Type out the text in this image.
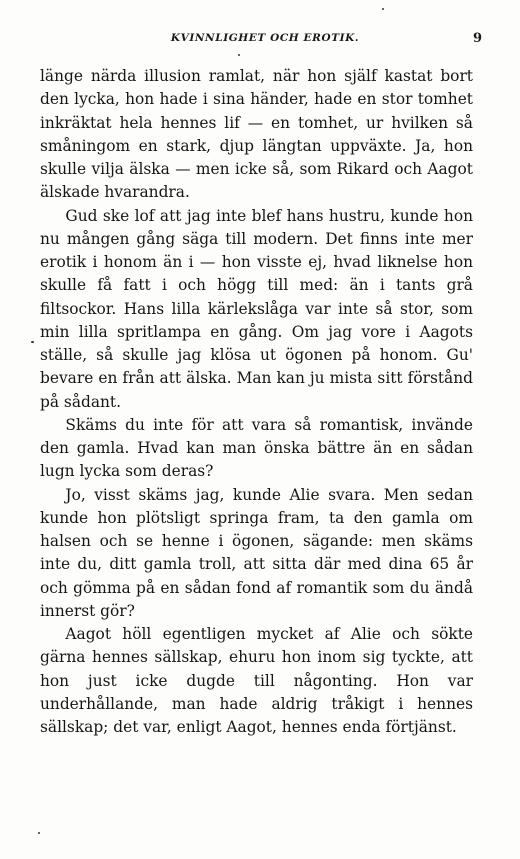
KVINNLIGHET OCH EROTIK.	9

länge närda illusion ramlat, när hon själf kastat bort den lycka, hon hade i sina händer, hade en stor tomhet inkräktat hela hennes lif — en tomhet, ur hvilken så småningom en stark, djup längtan uppväxte. Ja, hon skulle vilja älska — men icke så, som Rikard och Aagot älskade hvarandra.

Gud ske lof att jag inte blef hans hustru, kunde hon nu mången gång säga till modern. Det finns inte mer erotik i honom än i — hon visste ej, hvad liknelse hon skulle få fatt i och högg till med: än i tants grå filtsockor. Hans lilla kärlekslåga var inte så stor, som min lilla spritlampa en gång. Om jag vore i Aagots ställe, så skulle jag klösa ut ögonen på honom. Gu' bevare en från att älska. Man kan ju mista sitt förstånd på sådant.

Skäms du inte för att vara så romantisk, invände den gamla. Hvad kan man önska bättre än en sådan lugn lycka som deras?

Jo, visst skäms jag, kunde Alie svara. Men sedan kunde hon plötsligt springa fram, ta den gamla om halsen och se henne i ögonen, sägande: men skäms inte du, ditt gamla troll, att sitta där med dina 65 år och gömma på en sådan fond af romantik som du ändå innerst gör?

Aagot höll egentligen mycket af Alie och sökte gärna hennes sällskap, ehuru hon inom sig tyckte, att hon just icke dugde till någonting. Hon var underhållande, man hade aldrig tråkigt i hennes sällskap; det var, enligt Aagot, hennes enda förtjänst.
